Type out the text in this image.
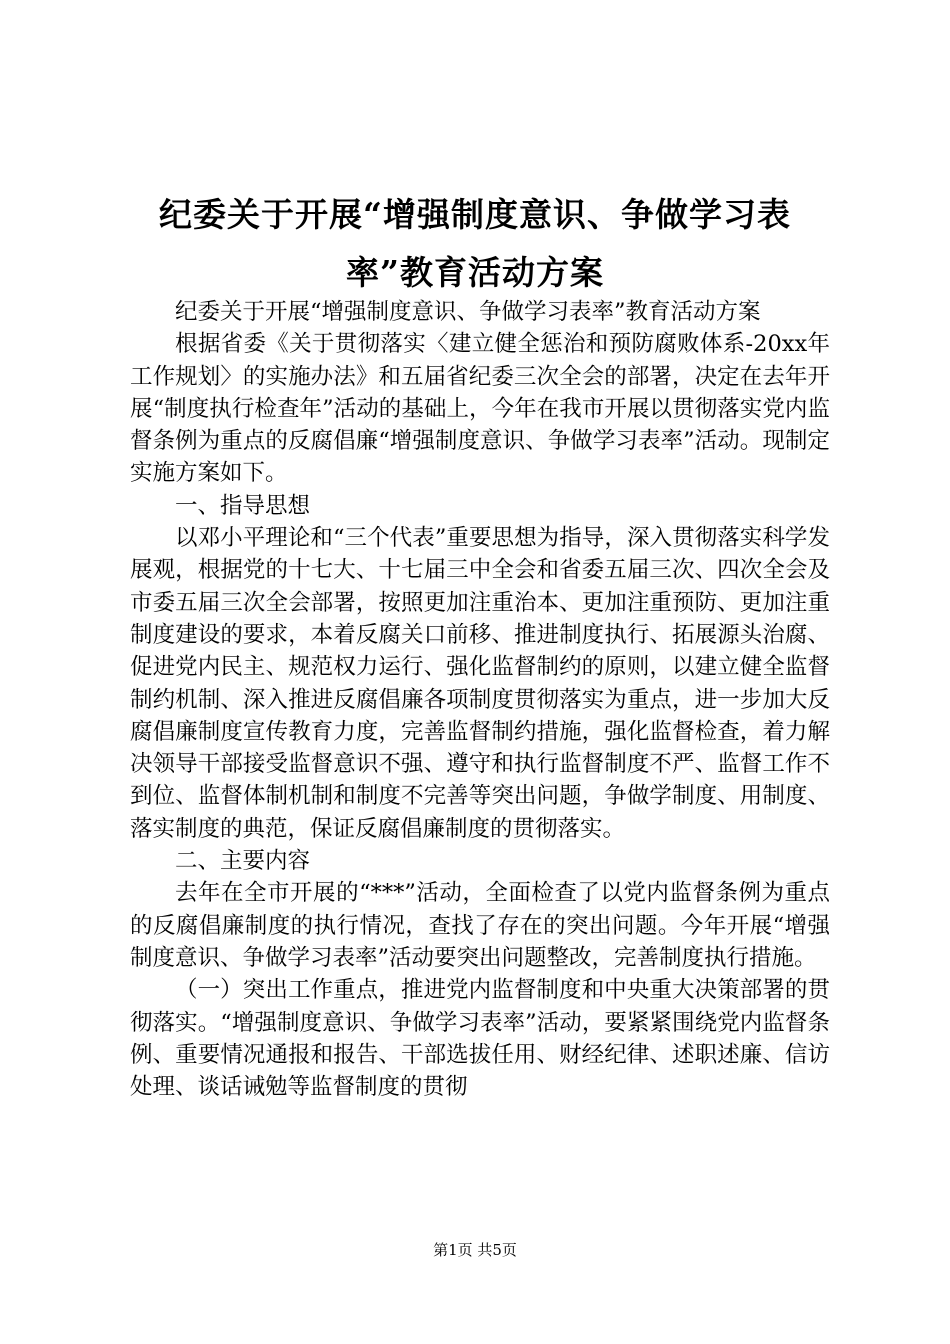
纪委关于开展“增强制度意识、争做学习表
率”教育活动方案

纪委关于开展“增强制度意识、争做学习表率”教育活动方案

根据省委《关于贯彻落实〈建立健全惩治和预防腐败体系-20xx年工作规划〉的实施办法》和五届省纪委三次全会的部署，决定在去年开展“制度执行检查年”活动的基础上，今年在我市开展以贯彻落实党内监督条例为重点的反腐倡廉“增强制度意识、争做学习表率”活动。现制定实施方案如下。

一、指导思想

以邓小平理论和“三个代表”重要思想为指导，深入贯彻落实科学发展观，根据党的十七大、十七届三中全会和省委五届三次、四次全会及市委五届三次全会部署，按照更加注重治本、更加注重预防、更加注重制度建设的要求，本着反腐关口前移、推进制度执行、拓展源头治腐、促进党内民主、规范权力运行、强化监督制约的原则，以建立健全监督制约机制、深入推进反腐倡廉各项制度贯彻落实为重点，进一步加大反腐倡廉制度宣传教育力度，完善监督制约措施，强化监督检查，着力解决领导干部接受监督意识不强、遵守和执行监督制度不严、监督工作不到位、监督体制机制和制度不完善等突出问题，争做学制度、用制度、落实制度的典范，保证反腐倡廉制度的贯彻落实。

二、主要内容

去年在全市开展的“***”活动，全面检查了以党内监督条例为重点的反腐倡廉制度的执行情况，查找了存在的突出问题。今年开展“增强制度意识、争做学习表率”活动要突出问题整改，完善制度执行措施。

（一）突出工作重点，推进党内监督制度和中央重大决策部署的贯彻落实。“增强制度意识、争做学习表率”活动，要紧紧围绕党内监督条例、重要情况通报和报告、干部选拔任用、财经纪律、述职述廉、信访处理、谈话诫勉等监督制度的贯彻

第1页 共5页
